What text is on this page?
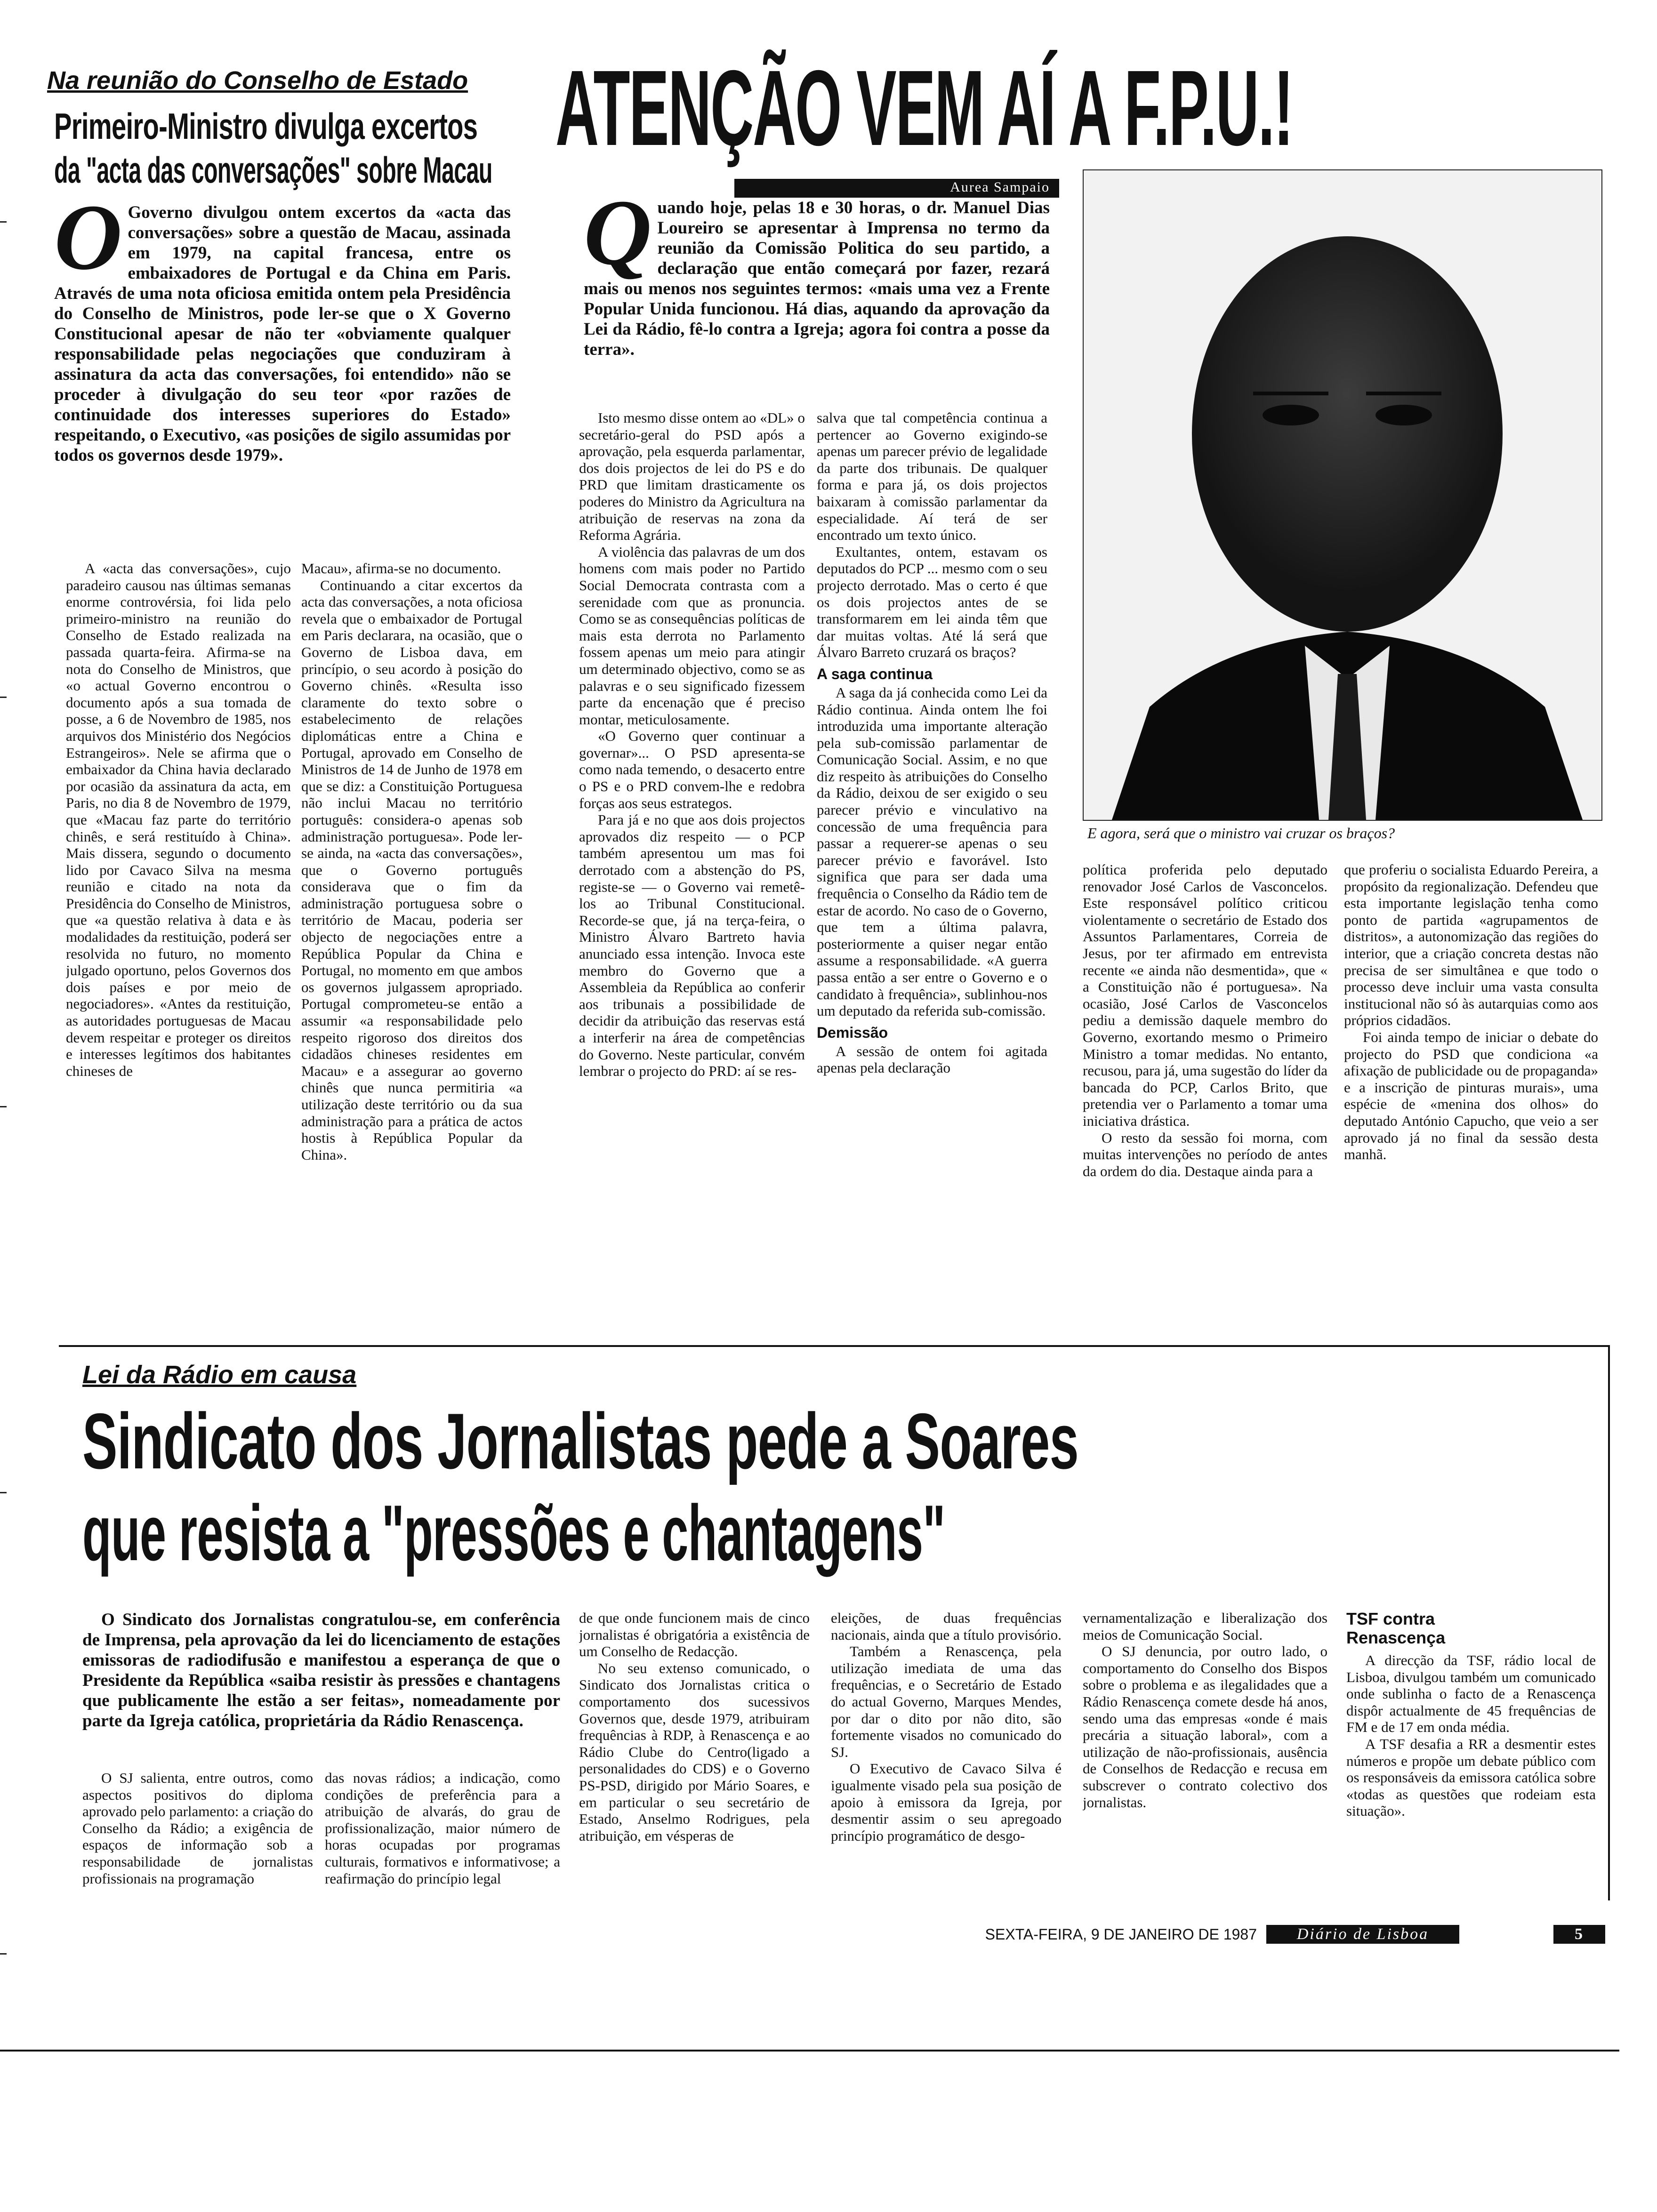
Na reunião do Conselho de Estado
Primeiro-Ministro divulga excertos
da "acta das conversações" sobre Macau
O Governo divulgou ontem excertos da «acta das conversações» sobre a questão de Macau, assinada em 1979, na capital francesa, entre os embaixadores de Portugal e da China em Paris. Através de uma nota oficiosa emitida ontem pela Presidência do Conselho de Ministros, pode ler-se que o X Governo Constitucional apesar de não ter «obviamente qualquer responsabilidade pelas negociações que conduziram à assinatura da acta das conversações, foi entendido» não se proceder à divulgação do seu teor «por razões de continuidade dos interesses superiores do Estado» respeitando, o Executivo, «as posições de sigilo assumidas por todos os governos desde 1979».

A «acta das conversações», cujo paradeiro causou nas últimas semanas enorme controvérsia, foi lida pelo primeiro-ministro na reunião do Conselho de Estado realizada na passada quarta-feira. Afirma-se na nota do Conselho de Ministros, que «o actual Governo encontrou o documento após a sua tomada de posse, a 6 de Novembro de 1985, nos arquivos dos Ministério dos Negócios Estrangeiros». Nele se afirma que o embaixador da China havia declarado por ocasião da assinatura da acta, em Paris, no dia 8 de Novembro de 1979, que «Macau faz parte do território chinês, e será restituído à China». Mais dissera, segundo o documento lido por Cavaco Silva na mesma reunião e citado na nota da Presidência do Conselho de Ministros, que «a questão relativa à data e às modalidades da restituição, poderá ser resolvida no futuro, no momento julgado oportuno, pelos Governos dos dois países e por meio de negociadores». «Antes da restituição, as autoridades portuguesas de Macau devem respeitar e proteger os direitos e interesses legítimos dos habitantes chineses de

Macau», afirma-se no documento.

Continuando a citar excertos da acta das conversações, a nota oficiosa revela que o embaixador de Portugal em Paris declarara, na ocasião, que o Governo de Lisboa dava, em princípio, o seu acordo à posição do Governo chinês. «Resulta isso claramente do texto sobre o estabelecimento de relações diplomáticas entre a China e Portugal, aprovado em Conselho de Ministros de 14 de Junho de 1978 em que se diz: a Constituição Portuguesa não inclui Macau no território português: considera-o apenas sob administração portuguesa». Pode ler-se ainda, na «acta das conversações», que o Governo português considerava que o fim da administração portuguesa sobre o território de Macau, poderia ser objecto de negociações entre a República Popular da China e Portugal, no momento em que ambos os governos julgassem apropriado. Portugal comprometeu-se então a assumir «a responsabilidade pelo respeito rigoroso dos direitos dos cidadãos chineses residentes em Macau» e a assegurar ao governo chinês que nunca permitiria «a utilização deste território ou da sua administração para a prática de actos hostis à República Popular da China».

ATENÇÃO VEM AÍ A F.P.U.!
Aurea Sampaio
Q uando hoje, pelas 18 e 30 horas, o dr. Manuel Dias Loureiro se apresentar à Imprensa no termo da reunião da Comissão Politica do seu partido, a declaração que então começará por fazer, rezará mais ou menos nos seguintes termos: «mais uma vez a Frente Popular Unida funcionou. Há dias, aquando da aprovação da Lei da Rádio, fê-lo contra a Igreja; agora foi contra a posse da terra».

Isto mesmo disse ontem ao «DL» o secretário-geral do PSD após a aprovação, pela esquerda parlamentar, dos dois projectos de lei do PS e do PRD que limitam drasticamente os poderes do Ministro da Agricultura na atribuição de reservas na zona da Reforma Agrária.

A violência das palavras de um dos homens com mais poder no Partido Social Democrata contrasta com a serenidade com que as pronuncia. Como se as consequências políticas de mais esta derrota no Parlamento fossem apenas um meio para atingir um determinado objectivo, como se as palavras e o seu significado fizessem parte da encenação que é preciso montar, meticulosamente.

«O Governo quer continuar a governar»... O PSD apresenta-se como nada temendo, o desacerto entre o PS e o PRD convem-lhe e redobra forças aos seus estrategos.

Para já e no que aos dois projectos aprovados diz respeito — o PCP também apresentou um mas foi derrotado com a abstenção do PS, registe-se — o Governo vai remetê-los ao Tribunal Constitucional. Recorde-se que, já na terça-feira, o Ministro Álvaro Bartreto havia anunciado essa intenção. Invoca este membro do Governo que a Assembleia da República ao conferir aos tribunais a possibilidade de decidir da atribuição das reservas está a interferir na área de competências do Governo. Neste particular, convém lembrar o projecto do PRD: aí se res-

salva que tal competência continua a pertencer ao Governo exigindo-se apenas um parecer prévio de legalidade da parte dos tribunais. De qualquer forma e para já, os dois projectos baixaram à comissão parlamentar da especialidade. Aí terá de ser encontrado um texto único.

Exultantes, ontem, estavam os deputados do PCP ... mesmo com o seu projecto derrotado. Mas o certo é que os dois projectos antes de se transformarem em lei ainda têm que dar muitas voltas. Até lá será que Álvaro Barreto cruzará os braços?

A saga continua

A saga da já conhecida como Lei da Rádio continua. Ainda ontem lhe foi introduzida uma importante alteração pela sub-comissão parlamentar de Comunicação Social. Assim, e no que diz respeito às atribuições do Conselho da Rádio, deixou de ser exigido o seu parecer prévio e vinculativo na concessão de uma frequência para passar a requerer-se apenas o seu parecer prévio e favorável. Isto significa que para ser dada uma frequência o Conselho da Rádio tem de estar de acordo. No caso de o Governo, que tem a última palavra, posteriormente a quiser negar então assume a responsabilidade. «A guerra passa então a ser entre o Governo e o candidato à frequência», sublinhou-nos um deputado da referida sub-comissão.

Demissão

A sessão de ontem foi agitada apenas pela declaração

E agora, será que o ministro vai cruzar os braços?

política proferida pelo deputado renovador José Carlos de Vasconcelos. Este responsável político criticou violentamente o secretário de Estado dos Assuntos Parlamentares, Correia de Jesus, por ter afirmado em entrevista recente «e ainda não desmentida», que « a Constituição não é portuguesa». Na ocasião, José Carlos de Vasconcelos pediu a demissão daquele membro do Governo, exortando mesmo o Primeiro Ministro a tomar medidas. No entanto, recusou, para já, uma sugestão do líder da bancada do PCP, Carlos Brito, que pretendia ver o Parlamento a tomar uma iniciativa drástica.

O resto da sessão foi morna, com muitas intervenções no período de antes da ordem do dia. Destaque ainda para a

que proferiu o socialista Eduardo Pereira, a propósito da regionalização. Defendeu que esta importante legislação tenha como ponto de partida «agrupamentos de distritos», a autonomização das regiões do interior, que a criação concreta destas não precisa de ser simultânea e que todo o processo deve incluir uma vasta consulta institucional não só às autarquias como aos próprios cidadãos.

Foi ainda tempo de iniciar o debate do projecto do PSD que condiciona «a afixação de publicidade ou de propaganda» e a inscrição de pinturas murais», uma espécie de «menina dos olhos» do deputado António Capucho, que veio a ser aprovado já no final da sessão desta manhã.

Lei da Rádio em causa
Sindicato dos Jornalistas pede a Soares
que resista a "pressões e chantagens"
O Sindicato dos Jornalistas congratulou-se, em conferência de Imprensa, pela aprovação da lei do licenciamento de estações emissoras de radiodifusão e manifestou a esperança de que o Presidente da República «saiba resistir às pressões e chantagens que publicamente lhe estão a ser feitas», nomeadamente por parte da Igreja católica, proprietária da Rádio Renascença.

O SJ salienta, entre outros, como aspectos positivos do diploma aprovado pelo parlamento: a criação do Conselho da Rádio; a exigência de espaços de informação sob a responsabilidade de jornalistas profissionais na programação

das novas rádios; a indicação, como condições de preferência para a atribuição de alvarás, do grau de profissionalização, maior número de horas ocupadas por programas culturais, formativos e informativose; a reafirmação do princípio legal

de que onde funcionem mais de cinco jornalistas é obrigatória a existência de um Conselho de Redacção.

No seu extenso comunicado, o Sindicato dos Jornalistas critica o comportamento dos sucessivos Governos que, desde 1979, atribuiram frequências à RDP, à Renascença e ao Rádio Clube do Centro(ligado a personalidades do CDS) e o Governo PS-PSD, dirigido por Mário Soares, e em particular o seu secretário de Estado, Anselmo Rodrigues, pela atribuição, em vésperas de

eleições, de duas frequências nacionais, ainda que a título provisório.

Também a Renascença, pela utilização imediata de uma das frequências, e o Secretário de Estado do actual Governo, Marques Mendes, por dar o dito por não dito, são fortemente visados no comunicado do SJ.

O Executivo de Cavaco Silva é igualmente visado pela sua posição de apoio à emissora da Igreja, por desmentir assim o seu apregoado princípio programático de desgo-

vernamentalização e liberalização dos meios de Comunicação Social.

O SJ denuncia, por outro lado, o comportamento do Conselho dos Bispos sobre o problema e as ilegalidades que a Rádio Renascença comete desde há anos, sendo uma das empresas «onde é mais precária a situação laboral», com a utilização de não-profissionais, ausência de Conselhos de Redacção e recusa em subscrever o contrato colectivo dos jornalistas.

TSF contra
Renascença

A direcção da TSF, rádio local de Lisboa, divulgou também um comunicado onde sublinha o facto de a Renascença dispôr actualmente de 45 frequências de FM e de 17 em onda média.

A TSF desafia a RR a desmentir estes números e propõe um debate público com os responsáveis da emissora católica sobre «todas as questões que rodeiam esta situação».

SEXTA-FEIRA, 9 DE JANEIRO DE 1987	Diário de Lisboa	5
